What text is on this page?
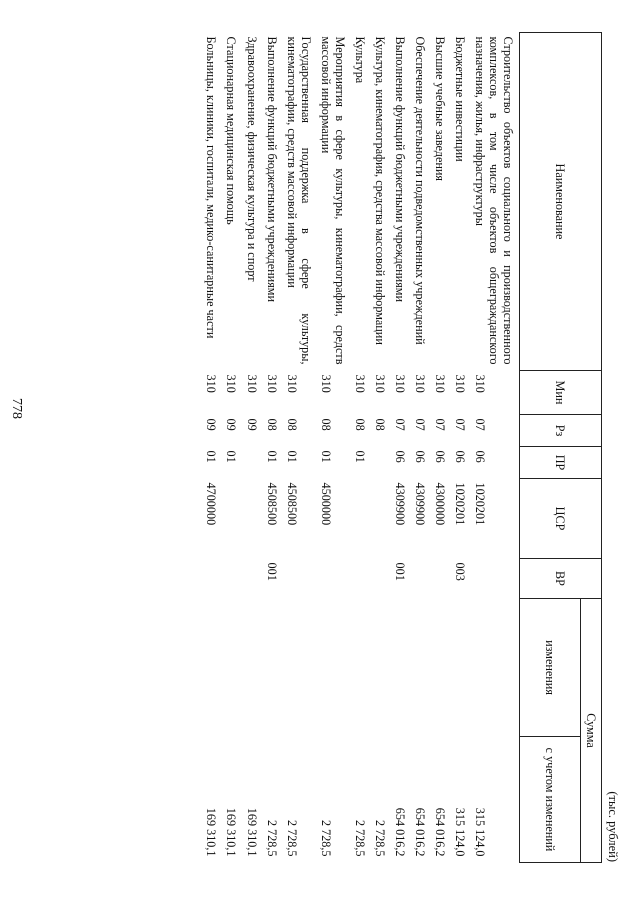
778
(тыс. рублей)
Наименование	Мин	Рз	ПР	ЦСР	ВР	Сумма	
						изменения	с учетом изменений
Строительство объектов социального и производственного комплексов, в том числе объектов общегражданского назначения, жилья, инфраструктуры	310	07	06	1020201			315 124,0
Бюджетные инвестиции	310	07	06	1020201	003		315 124,0
Высшие учебные заведения	310	07	06	4300000			654 016,2
Обеспечение деятельности подведомственных учреждений	310	07	06	4309900			654 016,2
Выполнение функций бюджетными учреждениями	310	07	06	4309900	001		654 016,2
Культура, кинематография, средства массовой информации	310	08					2 728,5
Культура	310	08	01				2 728,5
Мероприятия в сфере культуры, кинематографии, средств массовой информации	310	08	01	4500000			2 728,5
Государственная поддержка в сфере культуры, кинематографии, средств массовой информации	310	08	01	4508500			2 728,5
Выполнение функций бюджетными учреждениями	310	08	01	4508500	001		2 728,5
Здравоохранение, физическая культура и спорт	310	09					169 310,1
Стационарная медицинская помощь	310	09	01				169 310,1
Больницы, клиники, госпитали, медико-санитарные части	310	09	01	4700000			169 310,1
